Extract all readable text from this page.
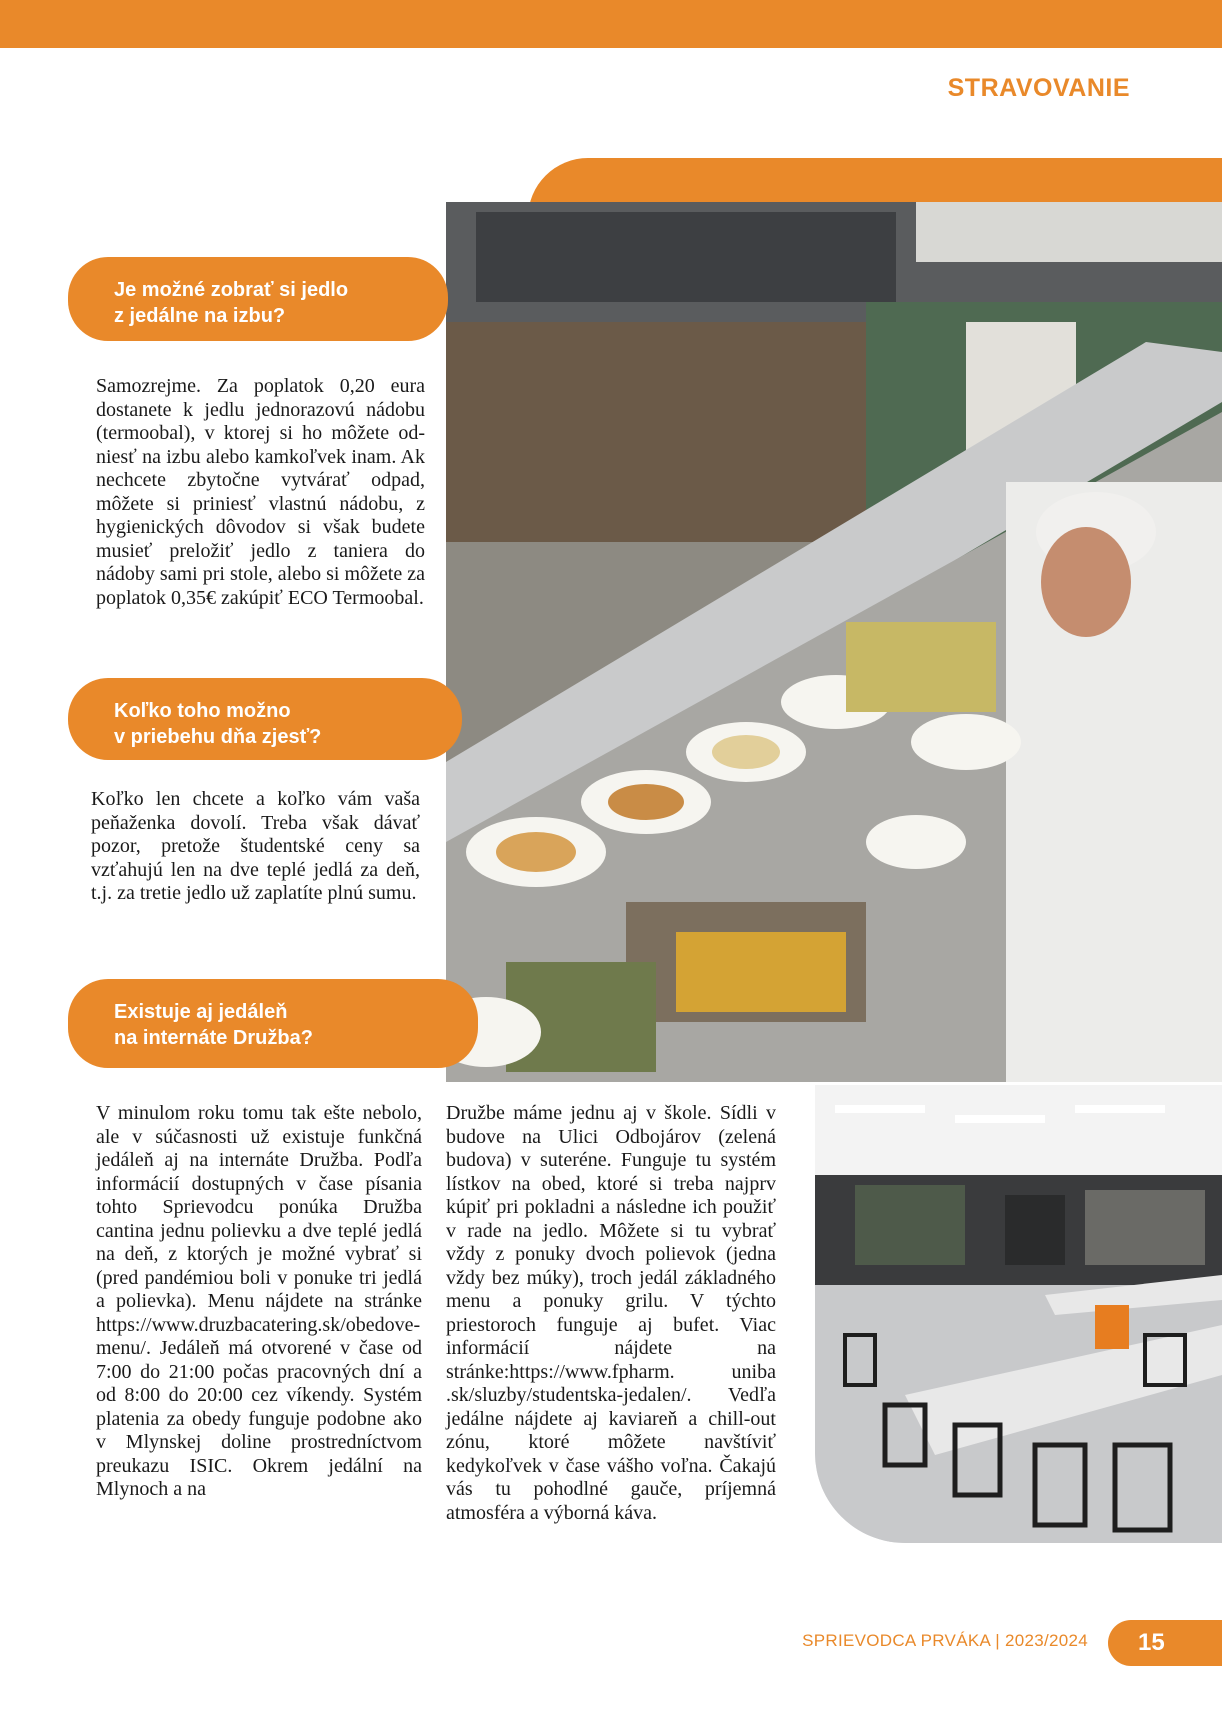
STRAVOVANIE
Je možné zobrať si jedlo
z jedálne na izbu?
Samozrejme. Za poplatok 0,20 eura dostanete k jedlu jednorazovú nádobu (termoobal), v ktorej si ho môžete odniesť na izbu alebo kamkoľvek inam. Ak nechcete zbytočne vytvárať odpad, môžete si priniesť vlastnú nádobu, z hygienických dôvodov si však budete musieť preložiť jedlo z taniera do nádoby sami pri stole, alebo si môžete za poplatok 0,35€ zakúpiť ECO Termoobal.
Koľko toho možno
v priebehu dňa zjesť?
Koľko len chcete a koľko vám vaša peňaženka dovolí. Treba však dávať pozor, pretože študentské ceny sa vzťahujú len na dve teplé jedlá za deň, t.j. za tretie jedlo už zaplatíte plnú sumu.
Existuje aj jedáleň
na internáte Družba?
V minulom roku tomu tak ešte nebolo, ale v súčasnosti už existuje funkčná jedáleň aj na internáte Družba. Podľa informácií dostupných v čase písania tohto Sprievodcu ponúka Družba cantina jednu polievku a dve teplé jedlá na deň, z ktorých je možné vybrať si (pred pandémiou boli v ponuke tri jedlá a polievka). Menu nájdete na stránke https://www.druzbacatering.sk/obedove-menu/. Jedáleň má otvorené v čase od 7:00 do 21:00 počas pracovných dní a od 8:00 do 20:00 cez víkendy. Systém platenia za obedy funguje podobne ako v Mlynskej doline prostredníctvom preukazu ISIC. Okrem jedální na Mlynoch a na
Družbe máme jednu aj v škole. Sídli v budove na Ulici Odbojárov (zelená budova) v suteréne. Funguje tu systém lístkov na obed, ktoré si treba najprv kúpiť pri pokladni a následne ich použiť v rade na jedlo. Môžete si tu vybrať vždy z ponuky dvoch polievok (jedna vždy bez múky), troch jedál základného menu a ponuky grilu. V týchto priestoroch funguje aj bufet. Viac informácií nájdete na stránke:https://www.fpharm. uniba .sk/sluzby/studentska-jedalen/. Vedľa jedálne nájdete aj kaviareň a chill-out zónu, ktoré môžete navštíviť kedykoľvek v čase vášho voľna. Čakajú vás tu pohodlné gauče, príjemná atmosféra a výborná káva.
SPRIEVODCA PRVÁKA | 2023/2024	15
